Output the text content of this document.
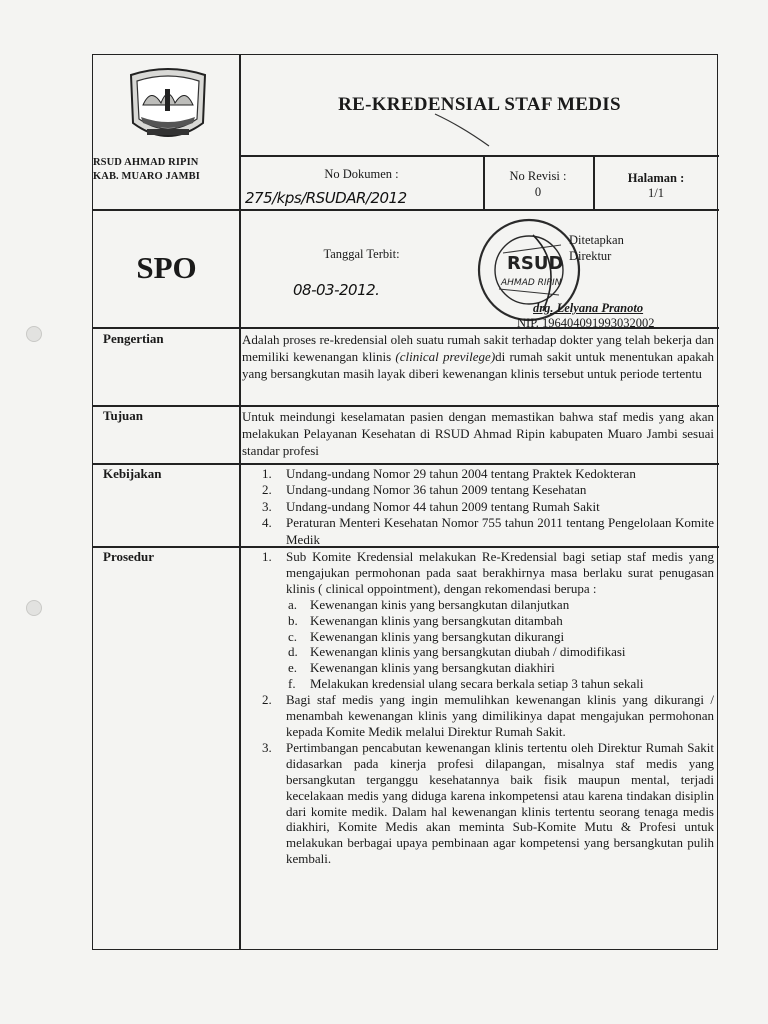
RSUD AHMAD RIPIN
KAB. MUARO JAMBI
RE-KREDENSIAL STAF MEDIS
No Dokumen :
275/kps/RSUDAR/2012
No Revisi :
0
Halaman :
1/1
SPO	Tanggal Terbit:
08-03-2012.
RSUD
AHMAD RIPIN
Ditetapkan
Direktur
drg. Lelyana Pranoto
NIP. 196404091993032002
Pengertian	Adalah proses re-kredensial oleh suatu rumah sakit terhadap dokter yang telah bekerja dan memiliki kewenangan klinis (clinical previlege)di rumah sakit untuk menentukan apakah yang bersangkutan masih layak diberi kewenangan klinis tersebut untuk periode tertentu

Tujuan	Untuk meindungi keselamatan pasien dengan memastikan bahwa staf medis yang akan melakukan Pelayanan Kesehatan di RSUD Ahmad Ripin kabupaten Muaro Jambi sesuai standar profesi
Kebijakan	1. Undang-undang Nomor 29 tahun 2004 tentang Praktek Kedokteran
2. Undang-undang Nomor 36 tahun 2009 tentang Kesehatan
3. Undang-undang Nomor 44 tahun 2009 tentang Rumah Sakit
4. Peraturan Menteri Kesehatan Nomor 755 tahun 2011 tentang Pengelolaan Komite Medik
Prosedur	1. Sub Komite Kredensial melakukan Re-Kredensial bagi setiap staf medis yang mengajukan permohonan pada saat berakhirnya masa berlaku surat penugasan klinis ( clinical oppointment), dengan rekomendasi berupa :
a. Kewenangan kinis yang bersangkutan dilanjutkan
b. Kewenangan klinis yang bersangkutan ditambah
c. Kewenangan klinis yang bersangkutan dikurangi
d. Kewenangan klinis yang bersangkutan diubah / dimodifikasi
e. Kewenangan klinis yang bersangkutan diakhiri
f. Melakukan kredensial ulang secara berkala setiap 3 tahun sekali
2. Bagi staf medis yang ingin memulihkan kewenangan klinis yang dikurangi / menambah kewenangan klinis yang dimilikinya dapat mengajukan permohonan kepada Komite Medik melalui Direktur Rumah Sakit.
3. Pertimbangan pencabutan kewenangan klinis tertentu oleh Direktur Rumah Sakit didasarkan pada kinerja profesi dilapangan, misalnya staf medis yang bersangkutan terganggu kesehatannya baik fisik maupun mental, terjadi kecelakaan medis yang diduga karena inkompetensi atau karena tindakan disiplin dari komite medik. Dalam hal kewenangan klinis tertentu seorang tenaga medis diakhiri, Komite Medis akan meminta Sub-Komite Mutu & Profesi untuk melakukan berbagai upaya pembinaan agar kompetensi yang bersangkutan pulih kembali.
